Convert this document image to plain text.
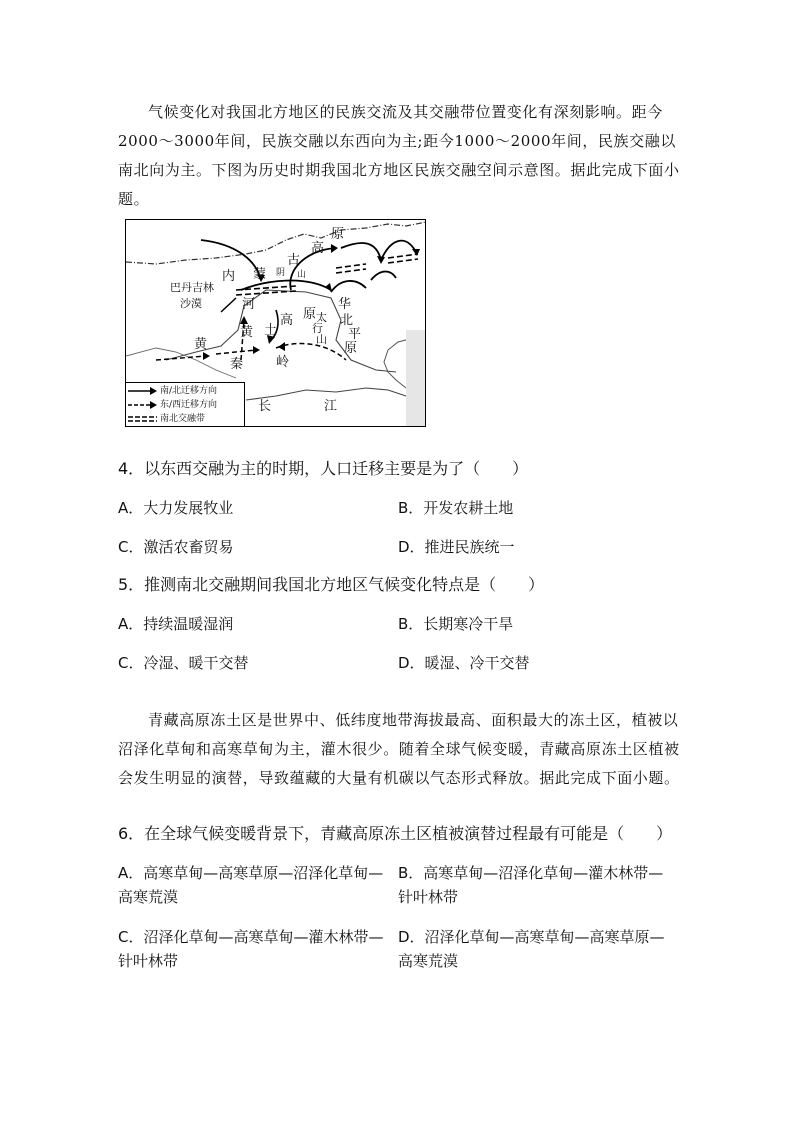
气候变化对我国北方地区的民族交流及其交融带位置变化有深刻影响。距今2000～3000年间，民族交融以东西向为主;距今1000～2000年间，民族交融以南北向为主。下图为历史时期我国北方地区民族交融空间示意图。据此完成下面小题。

原
高
古
蒙 阴 山
内
巴丹吉林
沙漠	河
黄 土
高 原
华
太
行
山
北
平
原
黄
秦	岭
长	江
南/北迁移方向
东/西迁移方向
南北交融带

4．以东西交融为主的时期，人口迁移主要是为了（　　）

A．大力发展牧业	B．开发农耕土地

C．激活农畜贸易	D．推进民族统一

5．推测南北交融期间我国北方地区气候变化特点是（　　）

A．持续温暖湿润	B．长期寒冷干旱

C．冷湿、暖干交替	D．暖湿、冷干交替

青藏高原冻土区是世界中、低纬度地带海拔最高、面积最大的冻土区，植被以沼泽化草甸和高寒草甸为主，灌木很少。随着全球气候变暖，青藏高原冻土区植被会发生明显的演替，导致蕴藏的大量有机碳以气态形式释放。据此完成下面小题。

6．在全球气候变暖背景下，青藏高原冻土区植被演替过程最有可能是（　　）

A．高寒草甸—高寒草原—沼泽化草甸—高寒荒漠

B．高寒草甸—沼泽化草甸—灌木林带—针叶林带

C．沼泽化草甸—高寒草甸—灌木林带—针叶林带

D．沼泽化草甸—高寒草甸—高寒草原—高寒荒漠
